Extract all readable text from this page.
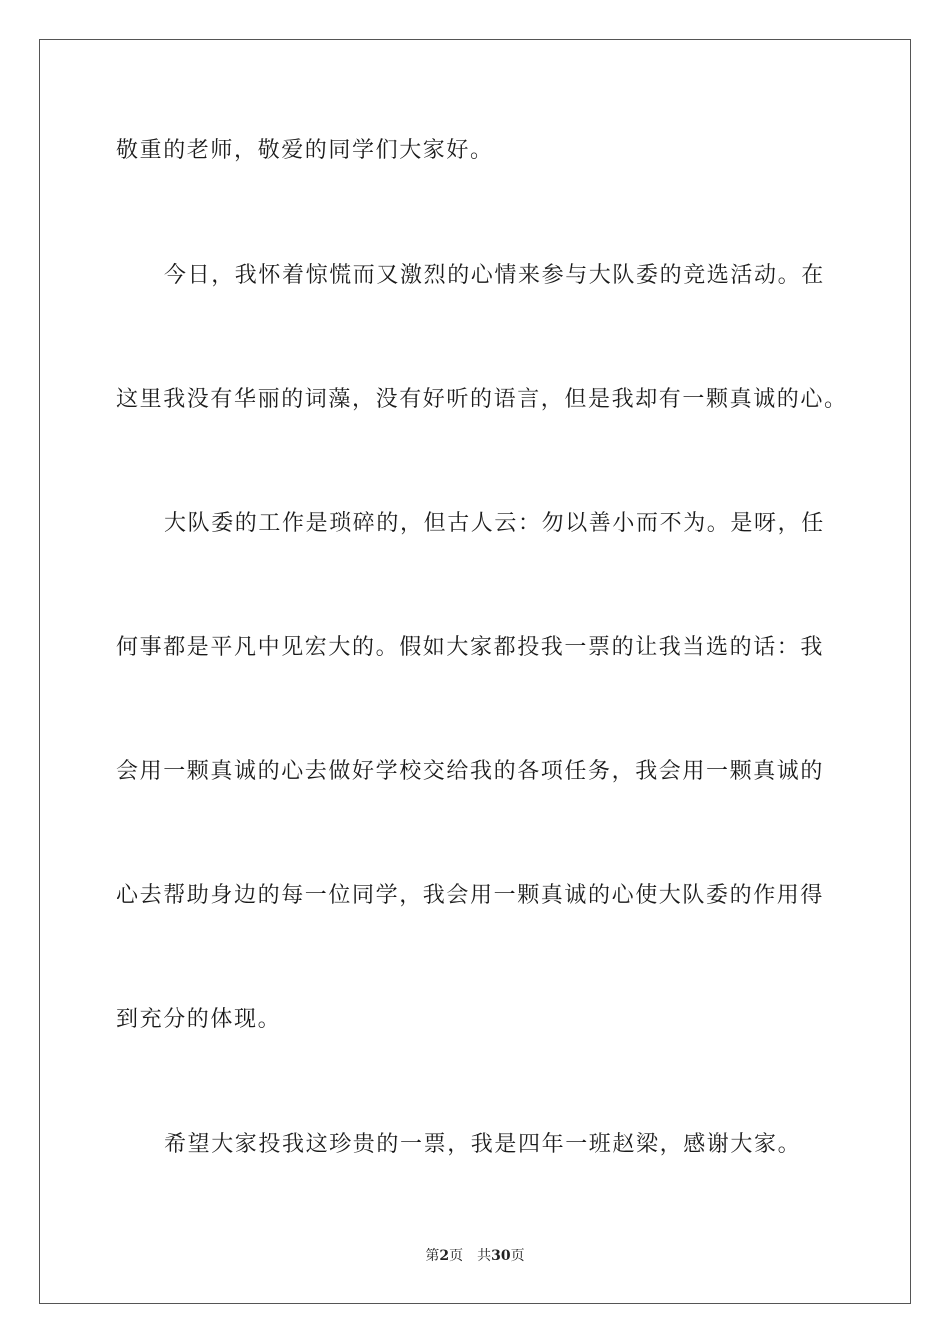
敬重的老师，敬爱的同学们大家好。
今日，我怀着惊慌而又激烈的心情来参与大队委的竞选活动。在
这里我没有华丽的词藻，没有好听的语言，但是我却有一颗真诚的心。
大队委的工作是琐碎的，但古人云：勿以善小而不为。是呀，任
何事都是平凡中见宏大的。假如大家都投我一票的让我当选的话：我
会用一颗真诚的心去做好学校交给我的各项任务，我会用一颗真诚的
心去帮助身边的每一位同学，我会用一颗真诚的心使大队委的作用得
到充分的体现。
希望大家投我这珍贵的一票，我是四年一班赵梁，感谢大家。
第2页 共30页
